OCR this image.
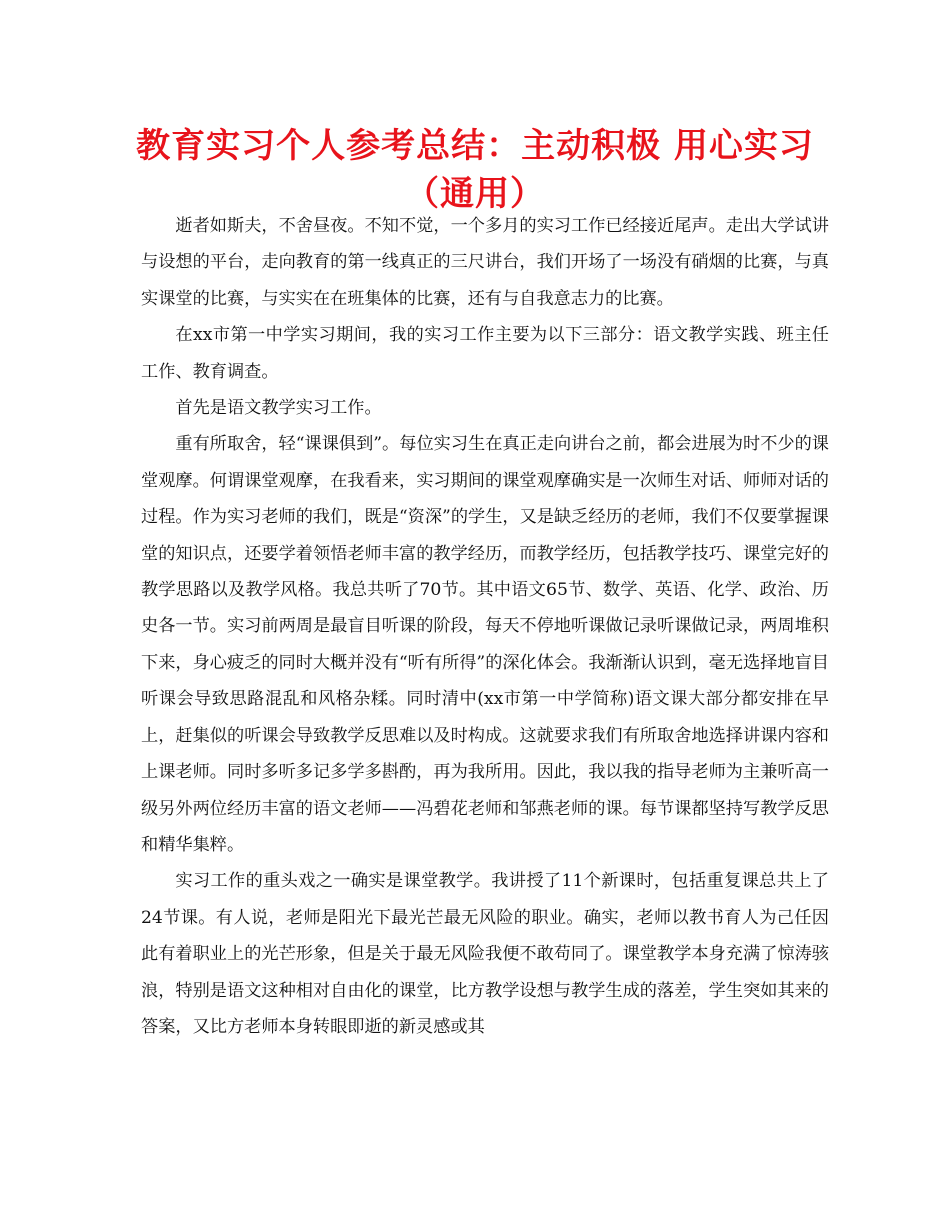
教育实习个人参考总结：主动积极 用心实习（通用）

逝者如斯夫，不舍昼夜。不知不觉，一个多月的实习工作已经接近尾声。走出大学试讲与设想的平台，走向教育的第一线真正的三尺讲台，我们开场了一场没有硝烟的比赛，与真实课堂的比赛，与实实在在班集体的比赛，还有与自我意志力的比赛。

在xx市第一中学实习期间，我的实习工作主要为以下三部分：语文教学实践、班主任工作、教育调查。

首先是语文教学实习工作。

重有所取舍，轻“课课俱到”。每位实习生在真正走向讲台之前，都会进展为时不少的课堂观摩。何谓课堂观摩，在我看来，实习期间的课堂观摩确实是一次师生对话、师师对话的过程。作为实习老师的我们，既是“资深”的学生，又是缺乏经历的老师，我们不仅要掌握课堂的知识点，还要学着领悟老师丰富的教学经历，而教学经历，包括教学技巧、课堂完好的教学思路以及教学风格。我总共听了70节。其中语文65节、数学、英语、化学、政治、历史各一节。实习前两周是最盲目听课的阶段，每天不停地听课做记录听课做记录，两周堆积下来，身心疲乏的同时大概并没有“听有所得”的深化体会。我渐渐认识到，毫无选择地盲目听课会导致思路混乱和风格杂糅。同时清中(xx市第一中学简称)语文课大部分都安排在早上，赶集似的听课会导致教学反思难以及时构成。这就要求我们有所取舍地选择讲课内容和上课老师。同时多听多记多学多斟酌，再为我所用。因此，我以我的指导老师为主兼听高一级另外两位经历丰富的语文老师——冯碧花老师和邹燕老师的课。每节课都坚持写教学反思和精华集粹。

实习工作的重头戏之一确实是课堂教学。我讲授了11个新课时，包括重复课总共上了24节课。有人说，老师是阳光下最光芒最无风险的职业。确实，老师以教书育人为己任因此有着职业上的光芒形象，但是关于最无风险我便不敢苟同了。课堂教学本身充满了惊涛骇浪，特别是语文这种相对自由化的课堂，比方教学设想与教学生成的落差，学生突如其来的答案，又比方老师本身转眼即逝的新灵感或其
